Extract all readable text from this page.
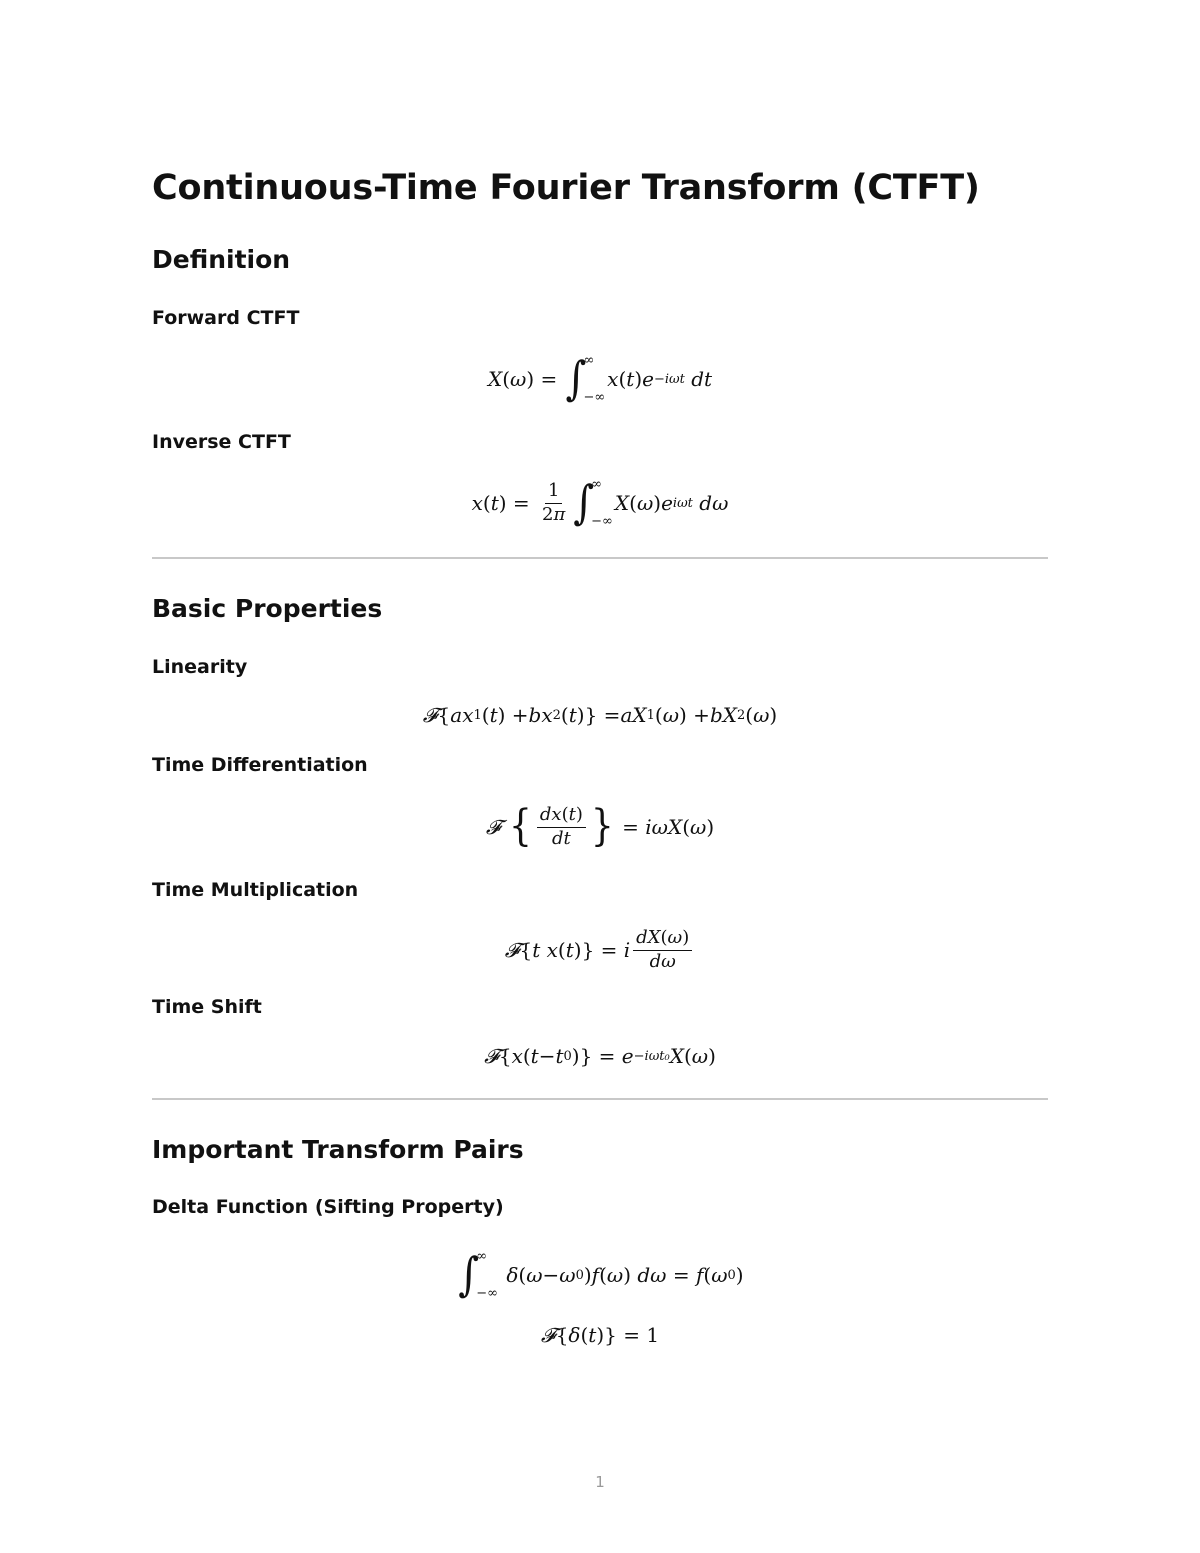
Continuous-Time Fourier Transform (CTFT)
Definition
Forward CTFT
X ( ω ) = ∫
∞
−∞
x ( t ) e −iωt
dt
Inverse CTFT
x ( t ) = $\frac{1}{2\pi}$ ∫
∞
−∞
X ( ω ) e iωt
dω
Basic Properties
Linearity
𝓕 { ax 1 ( t ) + bx 2 ( t )} = aX 1 ( ω ) + bX 2 ( ω )
Time Differentiation
𝓕
{ $\frac{dx(t)}{dt}$ } = iωX ( ω )
Time Multiplication
𝓕 { t
x ( t )} = i $\frac{dX(\omega)}{d\omega}$
Time Shift
𝓕 { x ( t − t 0 )} = e −iωt₀ X ( ω )
Important Transform Pairs
Delta Function (Sifting Property)
∫
∞
−∞

δ ( ω − ω 0 ) f ( ω ) dω = f ( ω 0 )
𝓕 { δ ( t )} = 1
1
